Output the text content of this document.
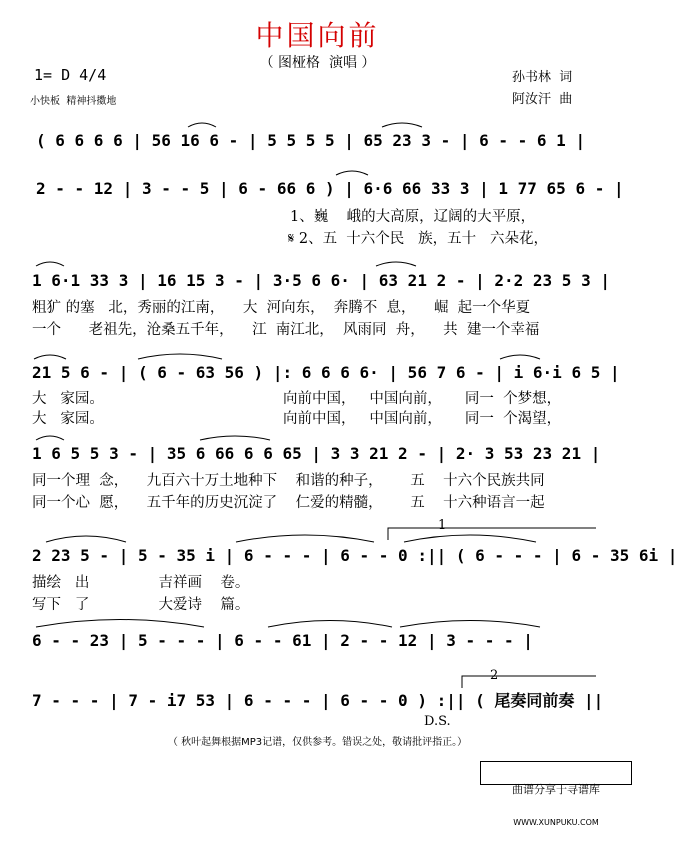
中国向前
（ 图桠格  演唱 ）
1= D 4/4
小快板  精神抖擞地
孙书林  词
阿汝汗  曲
( 6 6 6 6 | 56 16 6 - | 5 5 5 5 | 65 23 3 - | 6 - - 6 1 |
2 - - 12 | 3 - - 5 | 6 - 66 6 ) | 6·6 66 33 3 | 1 77 65 6 - |
1、巍    峨的大高原，辽阔的大平原，
𝄋 2、五  十六个民   族，五十   六朵花，
1 6·1 33 3 | 16 15 3 - | 3·5 6 6· | 63 21 2 - | 2·2 23 5 3 |
粗犷 的塞   北，秀丽的江南，    大  河向东，  奔腾不  息，    崛  起一个华夏
一个      老祖先，沧桑五千年，    江  南江北，  风雨同  舟，    共  建一个幸福
21 5 6 - | ( 6 - 63 56 ) |: 6 6 6 6· | 56 7 6 - | i 6·i 6 5 |
大   家园。
大   家园。
向前中国，   中国向前，     同一  个梦想，
向前中国，   中国向前，     同一  个渴望，
1 6 5 5 3 - | 35 6 66 6 6 65 | 3 3 21 2 - | 2· 3 53 23 21 |
同一个理  念，    九百六十万土地种下    和谐的种子，      五    十六个民族共同
同一个心  愿，    五千年的历史沉淀了    仁爱的精髓，      五    十六种语言一起
1
2 23 5 - | 5 - 35 i | 6 - - - | 6 - - 0 :|| ( 6 - - - | 6 - 35 6i |
描绘   出               吉祥画    卷。
写下   了               大爱诗    篇。
6 - - 23 | 5 - - - | 6 - - 61 | 2 - - 12 | 3 - - - |
2
7 - - - | 7 - i7 53 | 6 - - - | 6 - - 0 ) :|| ( 尾奏同前奏 ||
D.S.
（ 秋叶起舞根据MP3记谱，仅供参考。错误之处，敬请批评指正。）

曲谱分享于寻谱库

WWW.XUNPUKU.COM
